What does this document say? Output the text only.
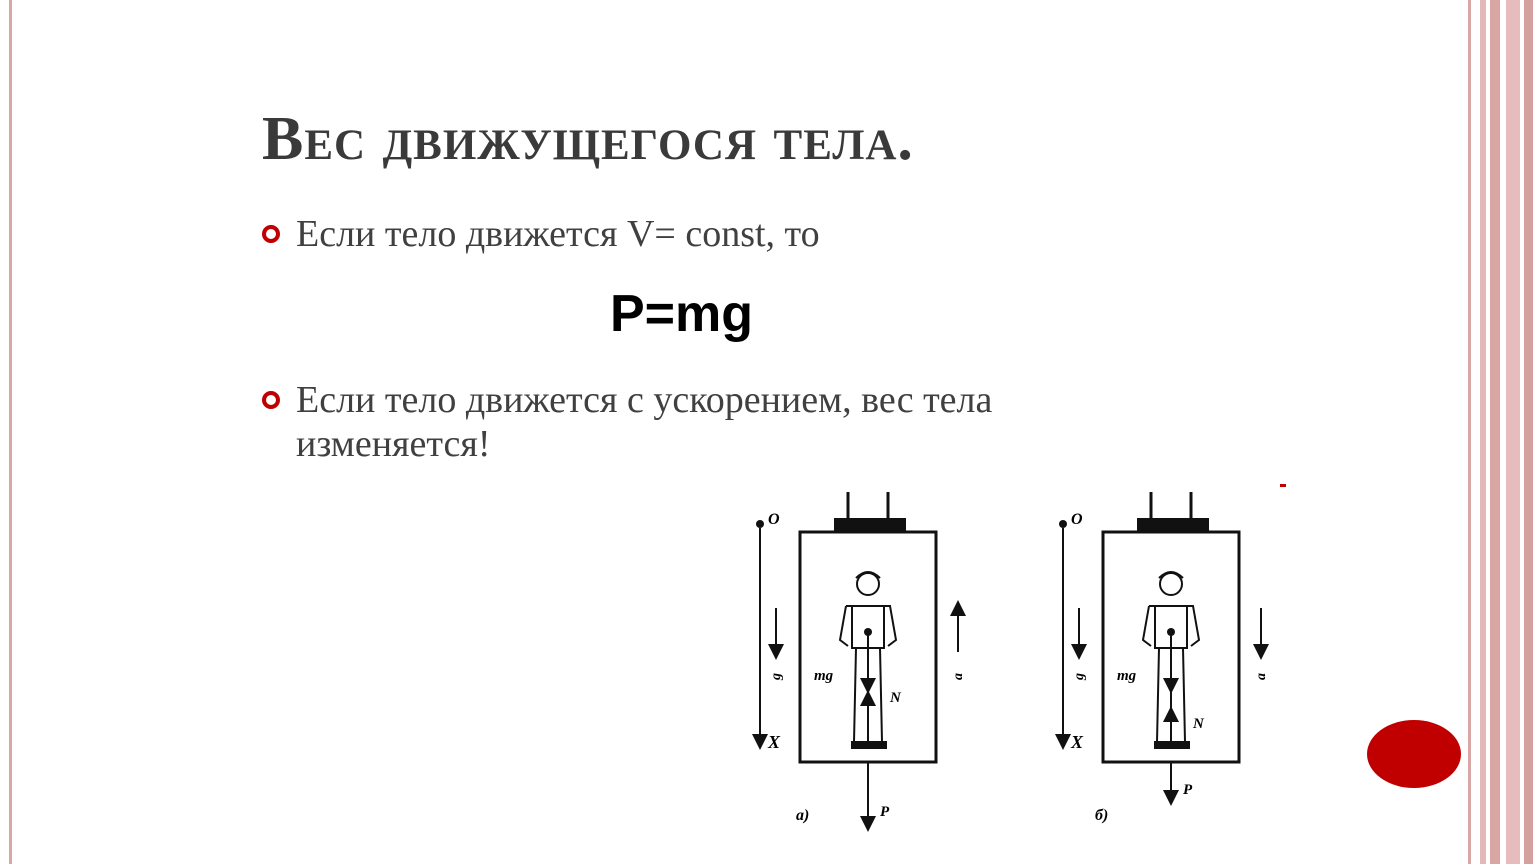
Вес движущегося тела.
Если тело движется V= const, то
P=mg
Если тело движется с ускорением, вес тела изменяется!
O
X
g⃗ mg⃗
N⃗
P⃗
a⃗
а)
O
X
g⃗ mg⃗
N⃗
P⃗
a⃗
б)
